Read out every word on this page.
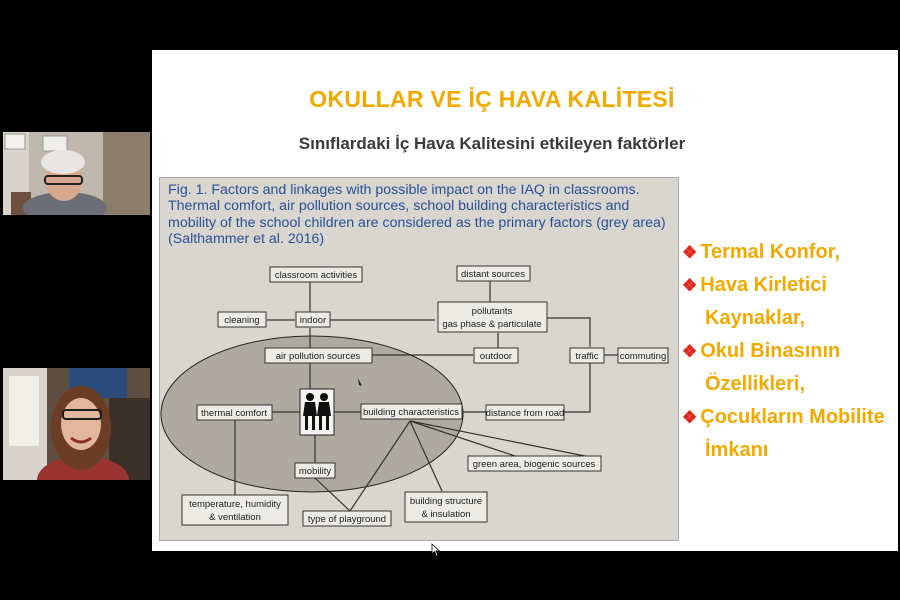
OKULLAR VE İÇ HAVA KALİTESİ
Sınıflardaki İç Hava Kalitesini etkileyen faktörler
Fig. 1. Factors and linkages with possible impact on the IAQ in classrooms. Thermal comfort, air pollution sources, school building characteristics and mobility of the school children are considered as the primary factors (grey area) (Salthammer et al. 2016)
classroom activities	distant sources
cleaning	indoor
pollutants
gas phase & particulate
air pollution sources	outdoor	traffic commuting
thermal comfort	building characteristics	distance from road
green area, biogenic sources
mobility
temperature, humidity
& ventilation	type of playground
building structure
& insulation
❖ Termal Konfor,
❖ Hava Kirletici
Kaynaklar,
❖ Okul Binasının
Özellikleri,
❖ Çocukların Mobilite
İmkanı
